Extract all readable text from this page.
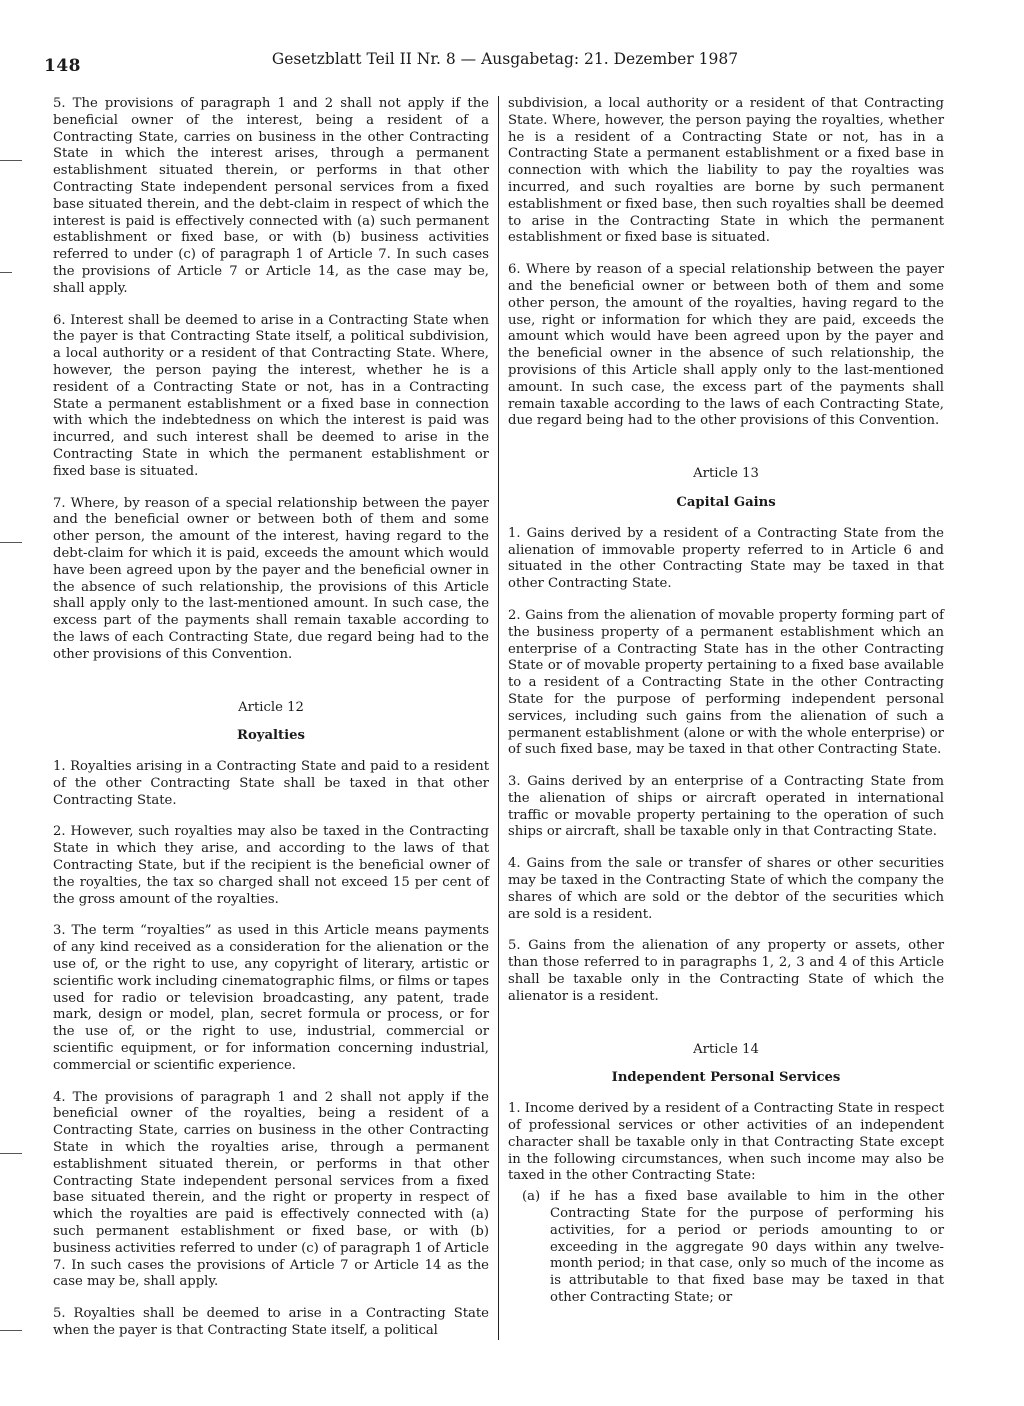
148	Gesetzblatt Teil II Nr. 8 — Ausgabetag: 21. Dezember 1987

5. The provisions of paragraph 1 and 2 shall not apply if the beneficial owner of the interest, being a resident of a Contracting State, carries on business in the other Contracting State in which the interest arises, through a permanent establishment situated therein, or performs in that other Contracting State independent personal services from a fixed base situated therein, and the debt-claim in respect of which the interest is paid is effectively connected with (a) such permanent establishment or fixed base, or with (b) business activities referred to under (c) of paragraph 1 of Article 7. In such cases the provisions of Article 7 or Article 14, as the case may be, shall apply.

6. Interest shall be deemed to arise in a Contracting State when the payer is that Contracting State itself, a political subdivision, a local authority or a resident of that Contracting State. Where, however, the person paying the interest, whether he is a resident of a Contracting State or not, has in a Contracting State a permanent establishment or a fixed base in connection with which the indebtedness on which the interest is paid was incurred, and such interest shall be deemed to arise in the Contracting State in which the permanent establishment or fixed base is situated.

7. Where, by reason of a special relationship between the payer and the beneficial owner or between both of them and some other person, the amount of the interest, having regard to the debt-claim for which it is paid, exceeds the amount which would have been agreed upon by the payer and the beneficial owner in the absence of such relationship, the provisions of this Article shall apply only to the last-mentioned amount. In such case, the excess part of the payments shall remain taxable according to the laws of each Contracting State, due regard being had to the other provisions of this Convention.

Article 12
Royalties

1. Royalties arising in a Contracting State and paid to a resident of the other Contracting State shall be taxed in that other Contracting State.

2. However, such royalties may also be taxed in the Contracting State in which they arise, and according to the laws of that Contracting State, but if the recipient is the beneficial owner of the royalties, the tax so charged shall not exceed 15 per cent of the gross amount of the royalties.

3. The term “royalties” as used in this Article means payments of any kind received as a consideration for the alienation or the use of, or the right to use, any copyright of literary, artistic or scientific work including cinematographic films, or films or tapes used for radio or television broadcasting, any patent, trade mark, design or model, plan, secret formula or process, or for the use of, or the right to use, industrial, commercial or scientific equipment, or for information concerning industrial, commercial or scientific experience.

4. The provisions of paragraph 1 and 2 shall not apply if the beneficial owner of the royalties, being a resident of a Contracting State, carries on business in the other Contracting State in which the royalties arise, through a permanent establishment situated therein, or performs in that other Contracting State independent personal services from a fixed base situated therein, and the right or property in respect of which the royalties are paid is effectively connected with (a) such permanent establishment or fixed base, or with (b) business activities referred to under (c) of paragraph 1 of Article 7. In such cases the provisions of Article 7 or Article 14 as the case may be, shall apply.

5. Royalties shall be deemed to arise in a Contracting State when the payer is that Contracting State itself, a political

subdivision, a local authority or a resident of that Contracting State. Where, however, the person paying the royalties, whether he is a resident of a Contracting State or not, has in a Contracting State a permanent establishment or a fixed base in connection with which the liability to pay the royalties was incurred, and such royalties are borne by such permanent establishment or fixed base, then such royalties shall be deemed to arise in the Contracting State in which the permanent establishment or fixed base is situated.

6. Where by reason of a special relationship between the payer and the beneficial owner or between both of them and some other person, the amount of the royalties, having regard to the use, right or information for which they are paid, exceeds the amount which would have been agreed upon by the payer and the beneficial owner in the absence of such relationship, the provisions of this Article shall apply only to the last-mentioned amount. In such case, the excess part of the payments shall remain taxable according to the laws of each Contracting State, due regard being had to the other provisions of this Convention.

Article 13
Capital Gains

1. Gains derived by a resident of a Contracting State from the alienation of immovable property referred to in Article 6 and situated in the other Contracting State may be taxed in that other Contracting State.

2. Gains from the alienation of movable property forming part of the business property of a permanent establishment which an enterprise of a Contracting State has in the other Contracting State or of movable property pertaining to a fixed base available to a resident of a Contracting State in the other Contracting State for the purpose of performing independent personal services, including such gains from the alienation of such a permanent establishment (alone or with the whole enterprise) or of such fixed base, may be taxed in that other Contracting State.

3. Gains derived by an enterprise of a Contracting State from the alienation of ships or aircraft operated in international traffic or movable property pertaining to the operation of such ships or aircraft, shall be taxable only in that Contracting State.

4. Gains from the sale or transfer of shares or other securities may be taxed in the Contracting State of which the company the shares of which are sold or the debtor of the securities which are sold is a resident.

5. Gains from the alienation of any property or assets, other than those referred to in paragraphs 1, 2, 3 and 4 of this Article shall be taxable only in the Contracting State of which the alienator is a resident.

Article 14
Independent Personal Services

1. Income derived by a resident of a Contracting State in respect of professional services or other activities of an independent character shall be taxable only in that Contracting State except in the following circumstances, when such income may also be taxed in the other Contracting State:

(a) if he has a fixed base available to him in the other Contracting State for the purpose of performing his activities, for a period or periods amounting to or exceeding in the aggregate 90 days within any twelve-month period; in that case, only so much of the income as is attributable to that fixed base may be taxed in that other Contracting State; or
